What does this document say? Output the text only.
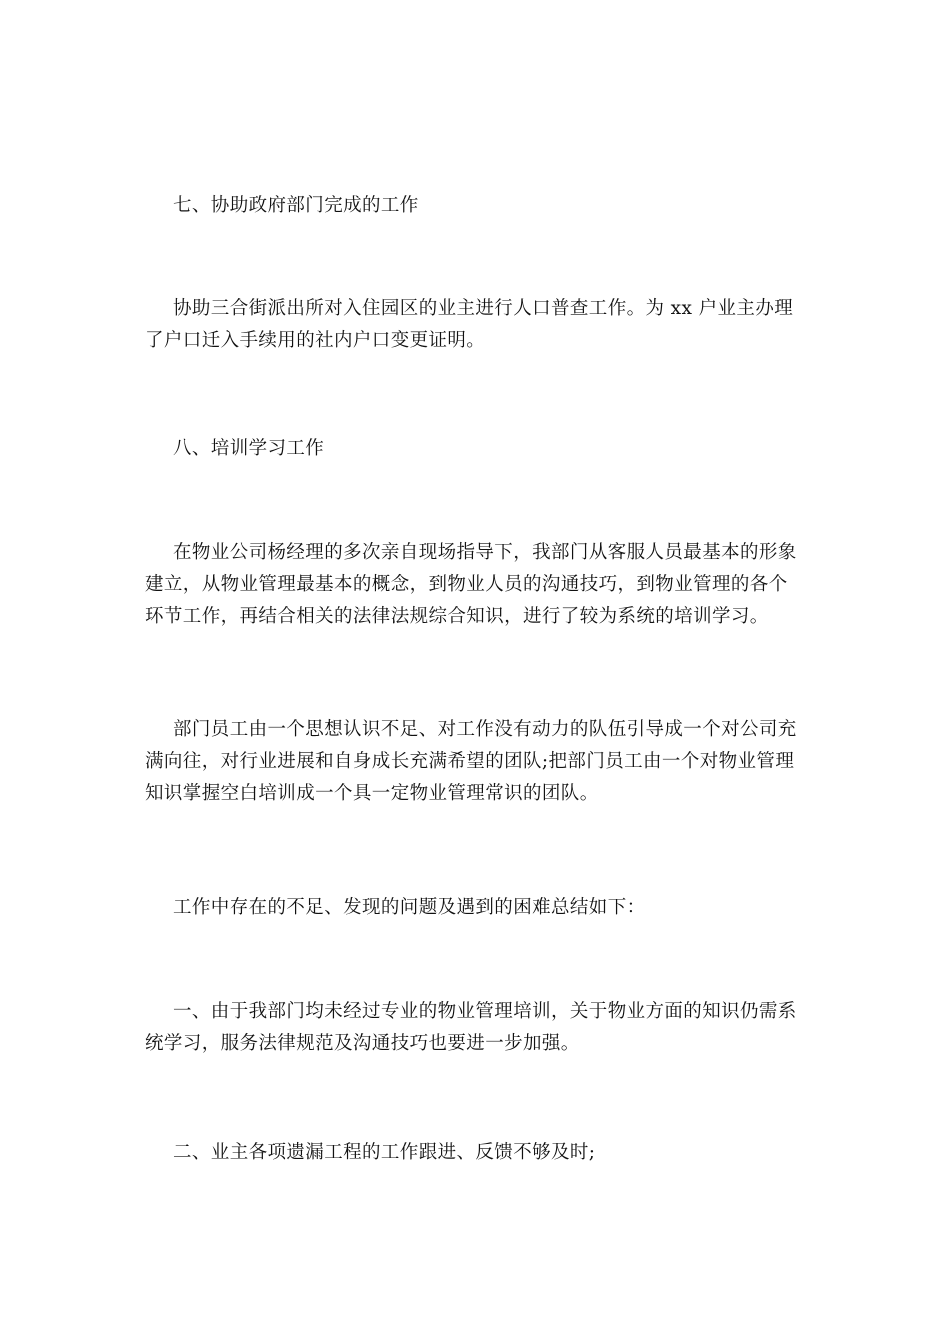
七、协助政府部门完成的工作

协助三合街派出所对入住园区的业主进行人口普查工作。为 xx 户业主办理
了户口迁入手续用的社内户口变更证明。

八、培训学习工作

在物业公司杨经理的多次亲自现场指导下，我部门从客服人员最基本的形象
建立，从物业管理最基本的概念，到物业人员的沟通技巧，到物业管理的各个
环节工作，再结合相关的法律法规综合知识，进行了较为系统的培训学习。

部门员工由一个思想认识不足、对工作没有动力的队伍引导成一个对公司充
满向往，对行业进展和自身成长充满希望的团队;把部门员工由一个对物业管理
知识掌握空白培训成一个具一定物业管理常识的团队。

工作中存在的不足、发现的问题及遇到的困难总结如下：

一、由于我部门均未经过专业的物业管理培训，关于物业方面的知识仍需系
统学习，服务法律规范及沟通技巧也要进一步加强。

二、业主各项遗漏工程的工作跟进、反馈不够及时;
